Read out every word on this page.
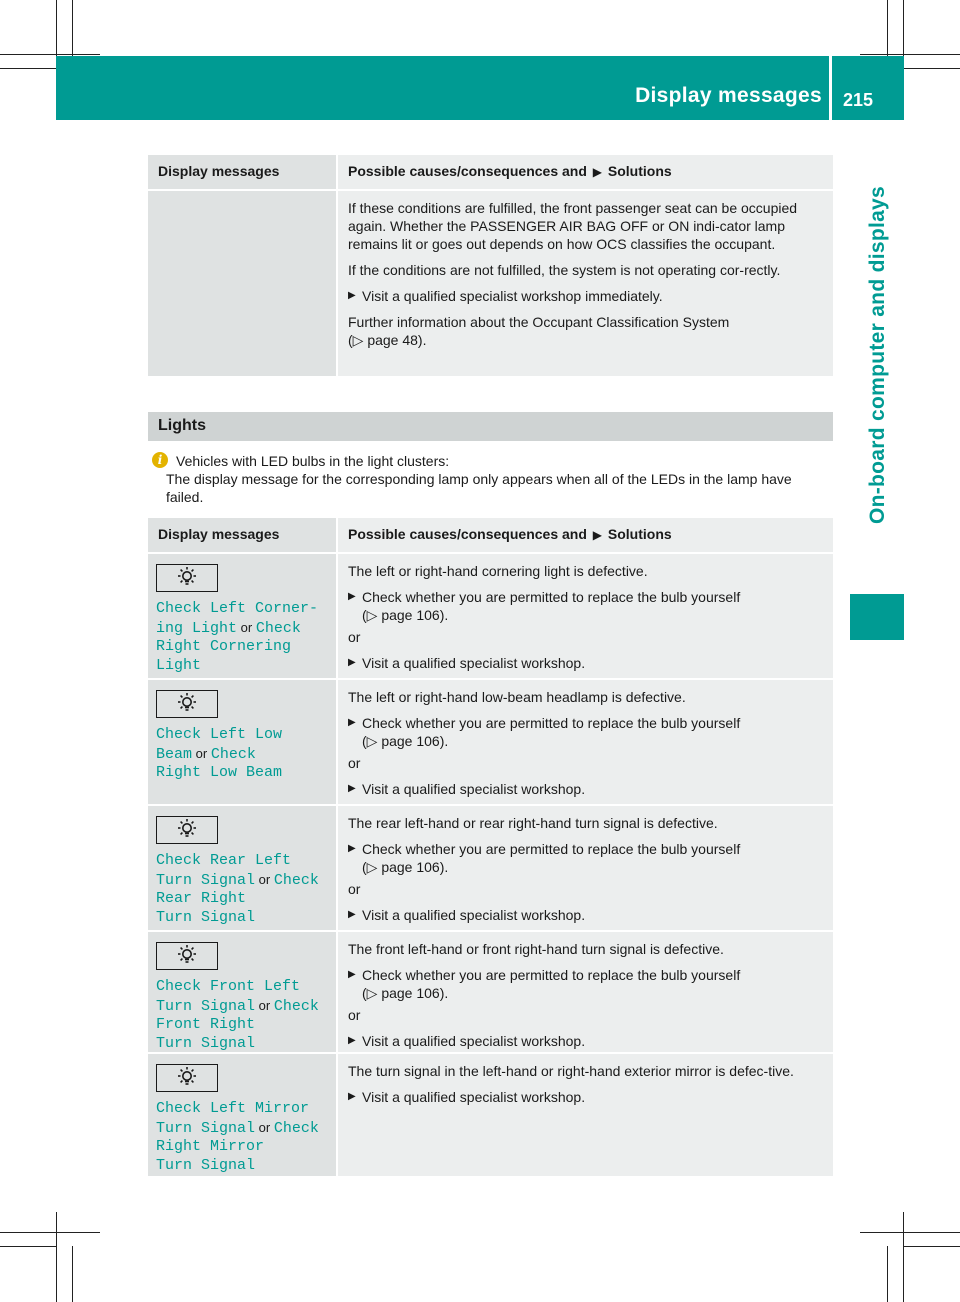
Display messages 215
On-board computer and displays
Display messages	Possible causes/consequences and ▶ Solutions

If these conditions are fulfilled, the front passenger seat can be occupied again. Whether the PASSENGER AIR BAG OFF or ON indi-cator lamp remains lit or goes out depends on how OCS classifies the occupant.

If the conditions are not fulfilled, the system is not operating cor-rectly.

▶ Visit a qualified specialist workshop immediately.
Further information about the Occupant Classification System
(▷ page 48).
Lights
i Vehicles with LED bulbs in the light clusters:
The display message for the corresponding lamp only appears when all of the LEDs in the lamp have failed.
Display messages	Possible causes/consequences and ▶ Solutions
Check Left Corner-
ing Light or Check
Right Cornering
Light

The left or right-hand cornering light is defective.

▶ Check whether you are permitted to replace the bulb yourself
(▷ page 106).
or
▶ Visit a qualified specialist workshop.
Check Left Low
Beam or Check
Right Low Beam

The left or right-hand low-beam headlamp is defective.

▶ Check whether you are permitted to replace the bulb yourself
(▷ page 106).
or
▶ Visit a qualified specialist workshop.
Check Rear Left
Turn Signal or Check Rear Right
Turn Signal

The rear left-hand or rear right-hand turn signal is defective.

▶ Check whether you are permitted to replace the bulb yourself
(▷ page 106).
or
▶ Visit a qualified specialist workshop.
Check Front Left
Turn Signal or Check Front Right
Turn Signal

The front left-hand or front right-hand turn signal is defective.

▶ Check whether you are permitted to replace the bulb yourself
(▷ page 106).
or
▶ Visit a qualified specialist workshop.
Check Left Mirror
Turn Signal or Check Right Mirror
Turn Signal

The turn signal in the left-hand or right-hand exterior mirror is defec-tive.

▶ Visit a qualified specialist workshop.
